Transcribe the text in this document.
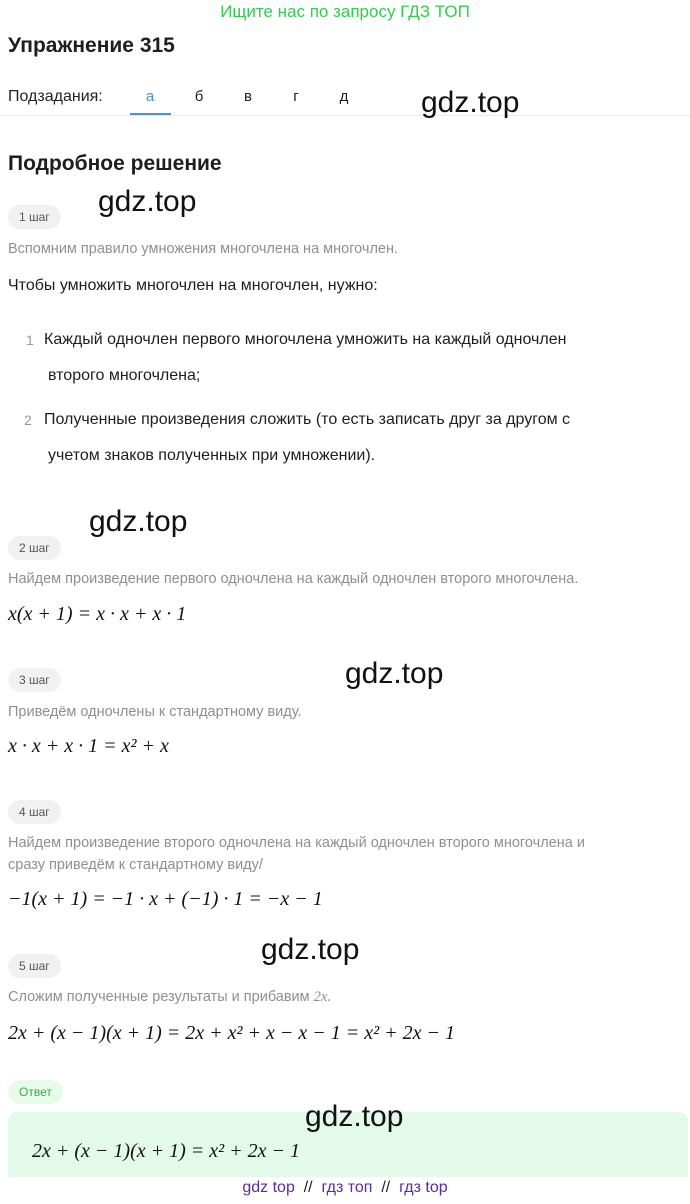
Ищите нас по запросу ГДЗ ТОП
Упражнение 315
Подзадания:	а	б	в	г	д	gdz.top
Подробное решение
gdz.top
1 шаг
Вспомним правило умножения многочлена на многочлен.
Чтобы умножить многочлен на многочлен, нужно:
1 Каждый одночлен первого многочлена умножить на каждый одночлен
второго многочлена;
2 Полученные произведения сложить (то есть записать друг за другом с
учетом знаков полученных при умножении).
gdz.top
2 шаг
Найдем произведение первого одночлена на каждый одночлен второго многочлена.
x(x + 1) = x · x + x · 1
gdz.top
3 шаг
Приведём одночлены к стандартному виду.
x · x + x · 1 = x² + x
4 шаг
Найдем произведение второго одночлена на каждый одночлен второго многочлена и
сразу приведём к стандартному виду/
−1(x + 1) = −1 · x + (−1) · 1 = −x − 1
gdz.top
5 шаг
Сложим полученные результаты и прибавим 2x.
2x + (x − 1)(x + 1) = 2x + x² + x − x − 1 = x² + 2x − 1
Ответ
2x + (x − 1)(x + 1) = x² + 2x − 1
gdz.top
gdz top // гдз топ // гдз top
